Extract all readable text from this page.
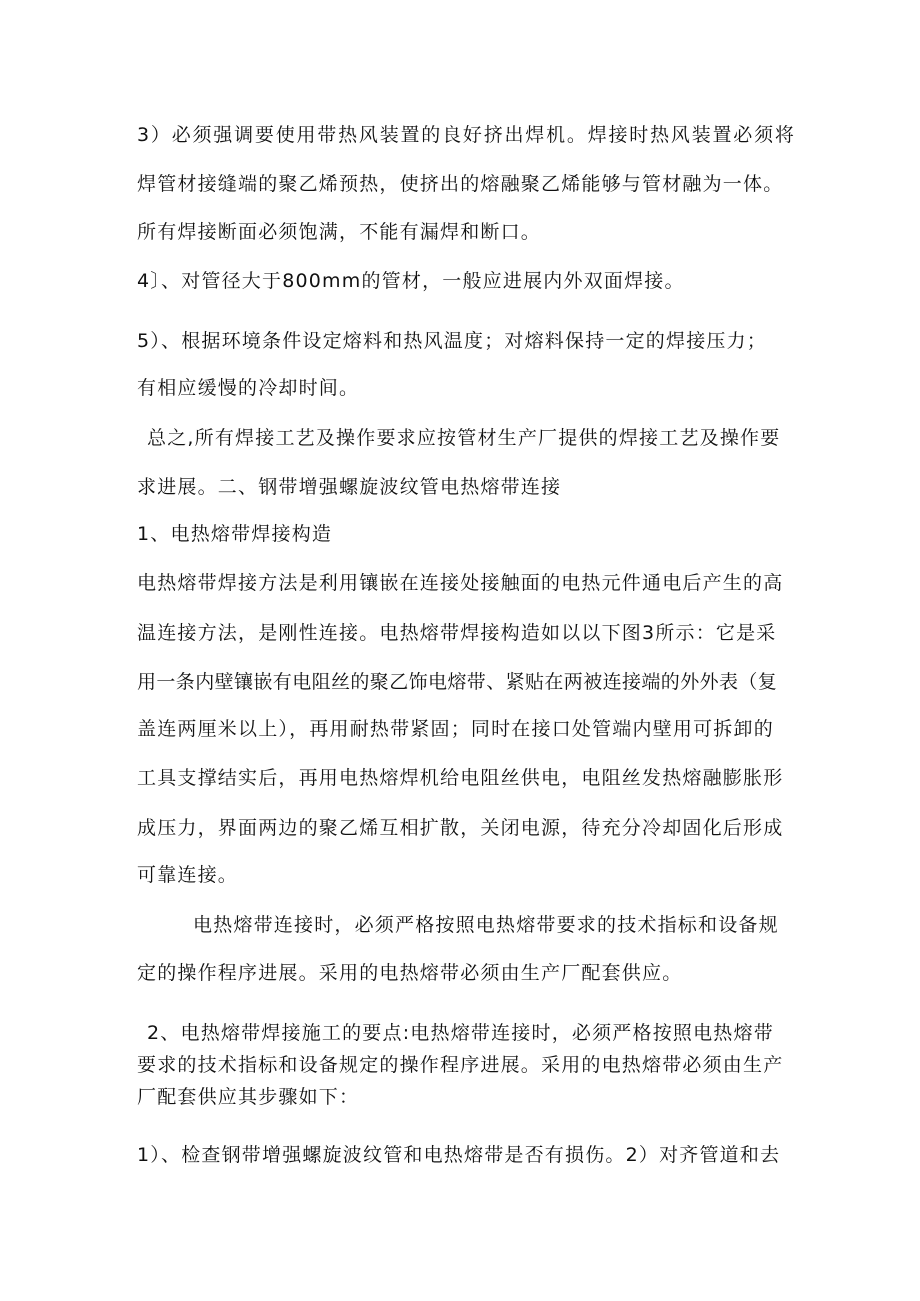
3）必须强调要使用带热风装置的良好挤出焊机。焊接时热风装置必须将

焊管材接缝端的聚乙烯预热，使挤出的熔融聚乙烯能够与管材融为一体。

所有焊接断面必须饱满，不能有漏焊和断口。

4〕、对管径大于800mm的管材，一般应进展内外双面焊接。

5）、根据环境条件设定熔料和热风温度；对熔料保持一定的焊接压力；

有相应缓慢的冷却时间。

总之,所有焊接工艺及操作要求应按管材生产厂提供的焊接工艺及操作要

求进展。二、钢带增强螺旋波纹管电热熔带连接

1、电热熔带焊接构造

电热熔带焊接方法是利用镶嵌在连接处接触面的电热元件通电后产生的高

温连接方法，是刚性连接。电热熔带焊接构造如以以下图3所示：它是采

用一条内壁镶嵌有电阻丝的聚乙饰电熔带、紧贴在两被连接端的外外表（复

盖连两厘米以上），再用耐热带紧固；同时在接口处管端内壁用可拆卸的

工具支撑结实后，再用电热熔焊机给电阻丝供电，电阻丝发热熔融膨胀形

成压力，界面两边的聚乙烯互相扩散，关闭电源，待充分冷却固化后形成

可靠连接。

电热熔带连接时，必须严格按照电热熔带要求的技术指标和设备规

定的操作程序进展。采用的电热熔带必须由生产厂配套供应。

2、电热熔带焊接施工的要点:电热熔带连接时，必须严格按照电热熔带

要求的技术指标和设备规定的操作程序进展。采用的电热熔带必须由生产

厂配套供应其步骤如下：

1）、检查钢带增强螺旋波纹管和电热熔带是否有损伤。2）对齐管道和去
